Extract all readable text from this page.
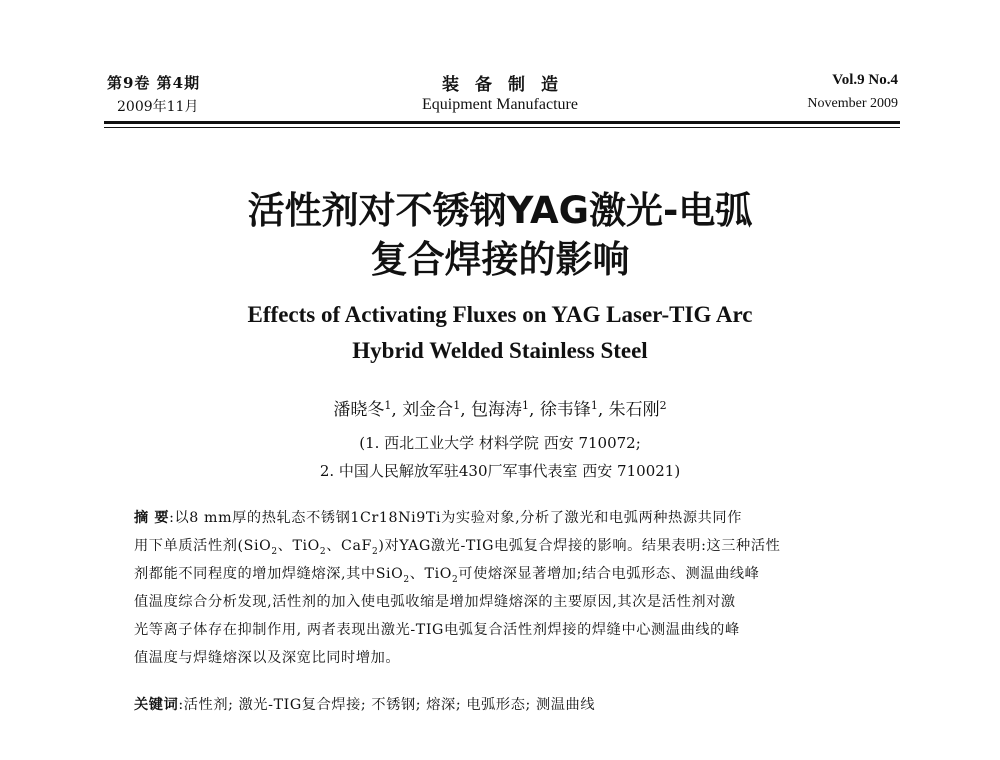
第9卷 第4期
2009年11月
装备制造
Equipment Manufacture
Vol.9 No.4
November 2009
活性剂对不锈钢YAG激光-电弧
复合焊接的影响
Effects of Activating Fluxes on YAG Laser-TIG Arc
Hybrid Welded Stainless Steel
潘晓冬$^1$, 刘金合$^1$, 包海涛$^1$, 徐韦锋$^1$, 朱石刚$^2$
(1. 西北工业大学 材料学院 西安 710072;
2. 中国人民解放军驻430厂军事代表室 西安 710021)
摘 要:以8 mm厚的热轧态不锈钢1Cr18Ni9Ti为实验对象,分析了激光和电弧两种热源共同作
用下单质活性剂(SiO$_2$、TiO$_2$、CaF$_2$)对YAG激光-TIG电弧复合焊接的影响。结果表明:这三种活性
剂都能不同程度的增加焊缝熔深,其中SiO$_2$、TiO$_2$可使熔深显著增加;结合电弧形态、测温曲线峰
值温度综合分析发现,活性剂的加入使电弧收缩是增加焊缝熔深的主要原因,其次是活性剂对激
光等离子体存在抑制作用, 两者表现出激光-TIG电弧复合活性剂焊接的焊缝中心测温曲线的峰
值温度与焊缝熔深以及深宽比同时增加。
关键词:活性剂; 激光-TIG复合焊接; 不锈钢; 熔深; 电弧形态; 测温曲线
